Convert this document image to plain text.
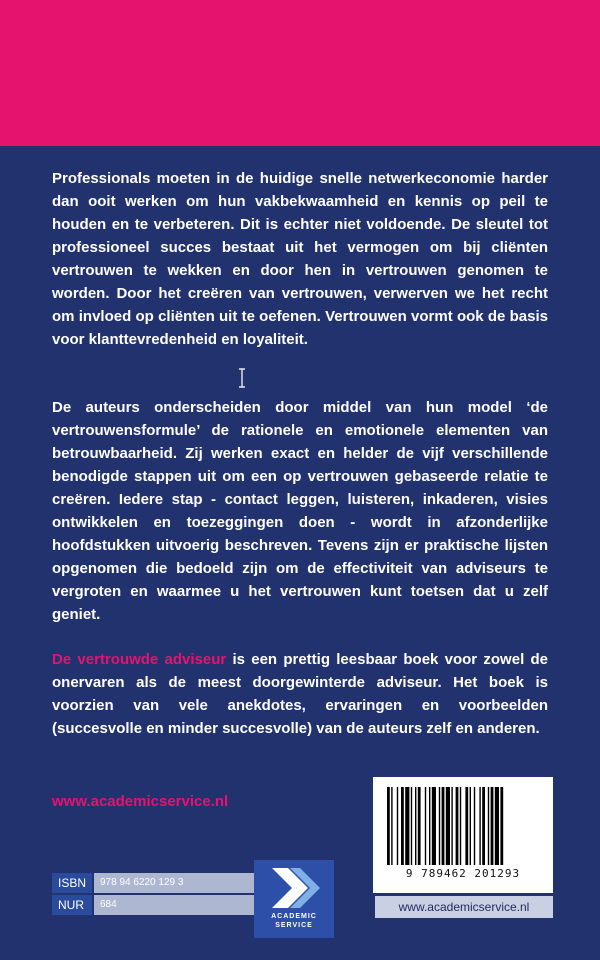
Professionals moeten in de huidige snelle netwerkeconomie harder dan ooit werken om hun vakbekwaamheid en kennis op peil te houden en te verbeteren. Dit is echter niet voldoende. De sleutel tot professioneel succes bestaat uit het vermogen om bij cliënten vertrouwen te wekken en door hen in vertrouwen genomen te worden. Door het creëren van vertrouwen, verwerven we het recht om invloed op cliënten uit te oefenen. Vertrouwen vormt ook de basis voor klanttevredenheid en loyaliteit.

De auteurs onderscheiden door middel van hun model ‘de vertrouwensformule’ de rationele en emotionele elementen van betrouwbaarheid. Zij werken exact en helder de vijf verschillende benodigde stappen uit om een op vertrouwen gebaseerde relatie te creëren. Iedere stap - contact leggen, luisteren, inkaderen, visies ontwikkelen en toezeggingen doen - wordt in afzonderlijke hoofdstukken uitvoerig beschreven. Tevens zijn er praktische lijsten opgenomen die bedoeld zijn om de effectiviteit van adviseurs te vergroten en waarmee u het vertrouwen kunt toetsen dat u zelf geniet.

De vertrouwde adviseur is een prettig leesbaar boek voor zowel de onervaren als de meest doorgewinterde adviseur. Het boek is voorzien van vele anekdotes, ervaringen en voorbeelden (succesvolle en minder succesvolle) van de auteurs zelf en anderen.

www.academicservice.nl
9 789462 201293
www.academicservice.nl
ISBN	978 94 6220 129 3
NUR	684
ACADEMIC
SERVICE
